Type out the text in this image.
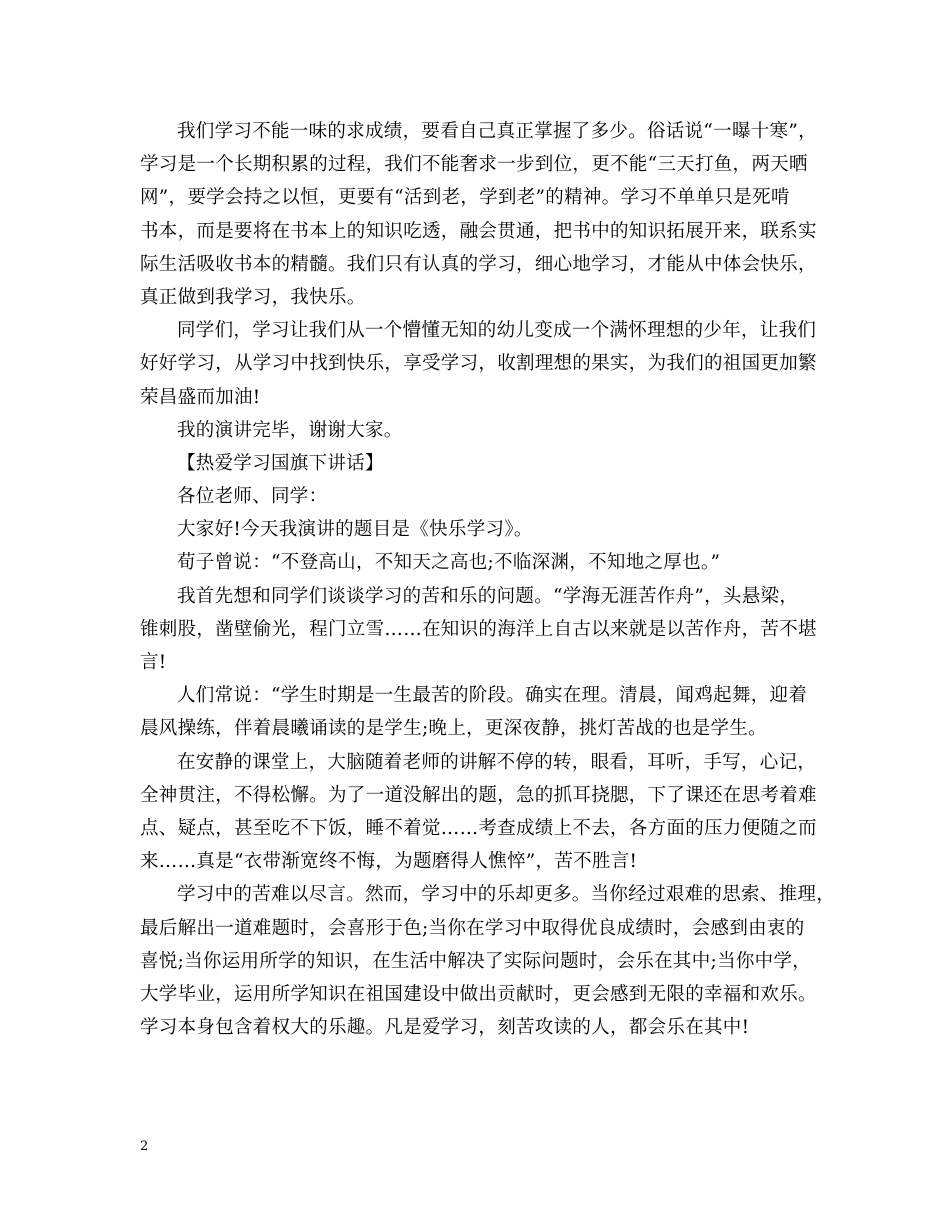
我们学习不能一味的求成绩，要看自己真正掌握了多少。俗话说“一曝十寒”，
学习是一个长期积累的过程，我们不能奢求一步到位，更不能“三天打鱼，两天晒
网”，要学会持之以恒，更要有“活到老，学到老”的精神。学习不单单只是死啃
书本，而是要将在书本上的知识吃透，融会贯通，把书中的知识拓展开来，联系实
际生活吸收书本的精髓。我们只有认真的学习，细心地学习，才能从中体会快乐，
真正做到我学习，我快乐。
同学们，学习让我们从一个懵懂无知的幼儿变成一个满怀理想的少年，让我们
好好学习，从学习中找到快乐，享受学习，收割理想的果实，为我们的祖国更加繁
荣昌盛而加油!
我的演讲完毕，谢谢大家。
【热爱学习国旗下讲话】
各位老师、同学：
大家好!今天我演讲的题目是《快乐学习》。
荀子曾说：“不登高山，不知天之高也;不临深渊，不知地之厚也。”
我首先想和同学们谈谈学习的苦和乐的问题。“学海无涯苦作舟”，头悬梁，
锥刺股，凿壁偷光，程门立雪……在知识的海洋上自古以来就是以苦作舟，苦不堪
言!
人们常说：“学生时期是一生最苦的阶段。确实在理。清晨，闻鸡起舞，迎着
晨风操练，伴着晨曦诵读的是学生;晚上，更深夜静，挑灯苦战的也是学生。
在安静的课堂上，大脑随着老师的讲解不停的转，眼看，耳听，手写，心记，
全神贯注，不得松懈。为了一道没解出的题，急的抓耳挠腮，下了课还在思考着难
点、疑点，甚至吃不下饭，睡不着觉……考查成绩上不去，各方面的压力便随之而
来……真是“衣带渐宽终不悔，为题磨得人憔悴”，苦不胜言!
学习中的苦难以尽言。然而，学习中的乐却更多。当你经过艰难的思索、推理，
最后解出一道难题时，会喜形于色;当你在学习中取得优良成绩时，会感到由衷的
喜悦;当你运用所学的知识，在生活中解决了实际问题时，会乐在其中;当你中学，
大学毕业，运用所学知识在祖国建设中做出贡献时，更会感到无限的幸福和欢乐。
学习本身包含着权大的乐趣。凡是爱学习，刻苦攻读的人，都会乐在其中!
2
